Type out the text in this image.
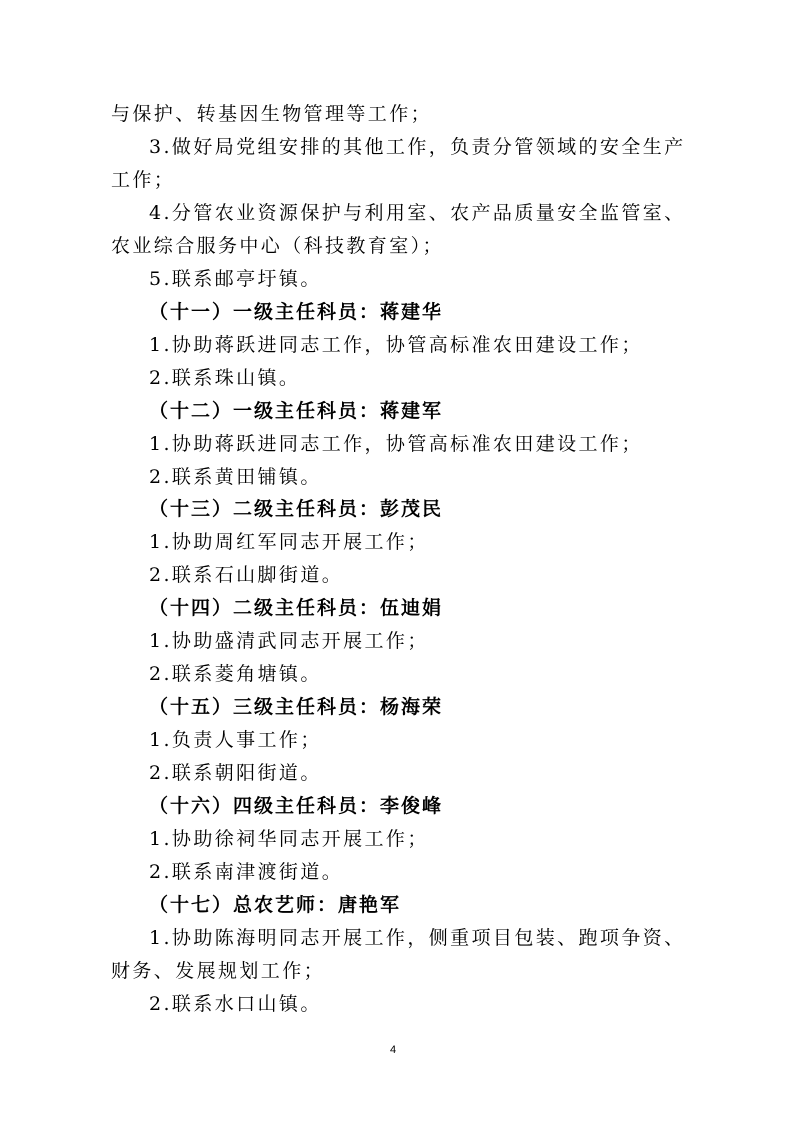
与保护、转基因生物管理等工作；
3.做好局党组安排的其他工作，负责分管领域的安全生产
工作；
4.分管农业资源保护与利用室、农产品质量安全监管室、
农业综合服务中心（科技教育室）；
5.联系邮亭圩镇。
（十一）一级主任科员：蒋建华
1.协助蒋跃进同志工作，协管高标准农田建设工作；
2.联系珠山镇。
（十二）一级主任科员：蒋建军
1.协助蒋跃进同志工作，协管高标准农田建设工作；
2.联系黄田铺镇。
（十三）二级主任科员：彭茂民
1.协助周红军同志开展工作；
2.联系石山脚街道。
（十四）二级主任科员：伍迪娟
1.协助盛清武同志开展工作；
2.联系菱角塘镇。
（十五）三级主任科员：杨海荣
1.负责人事工作；
2.联系朝阳街道。
（十六）四级主任科员：李俊峰
1.协助徐祠华同志开展工作；
2.联系南津渡街道。
（十七）总农艺师：唐艳军
1.协助陈海明同志开展工作，侧重项目包装、跑项争资、
财务、发展规划工作；
2.联系水口山镇。
4
